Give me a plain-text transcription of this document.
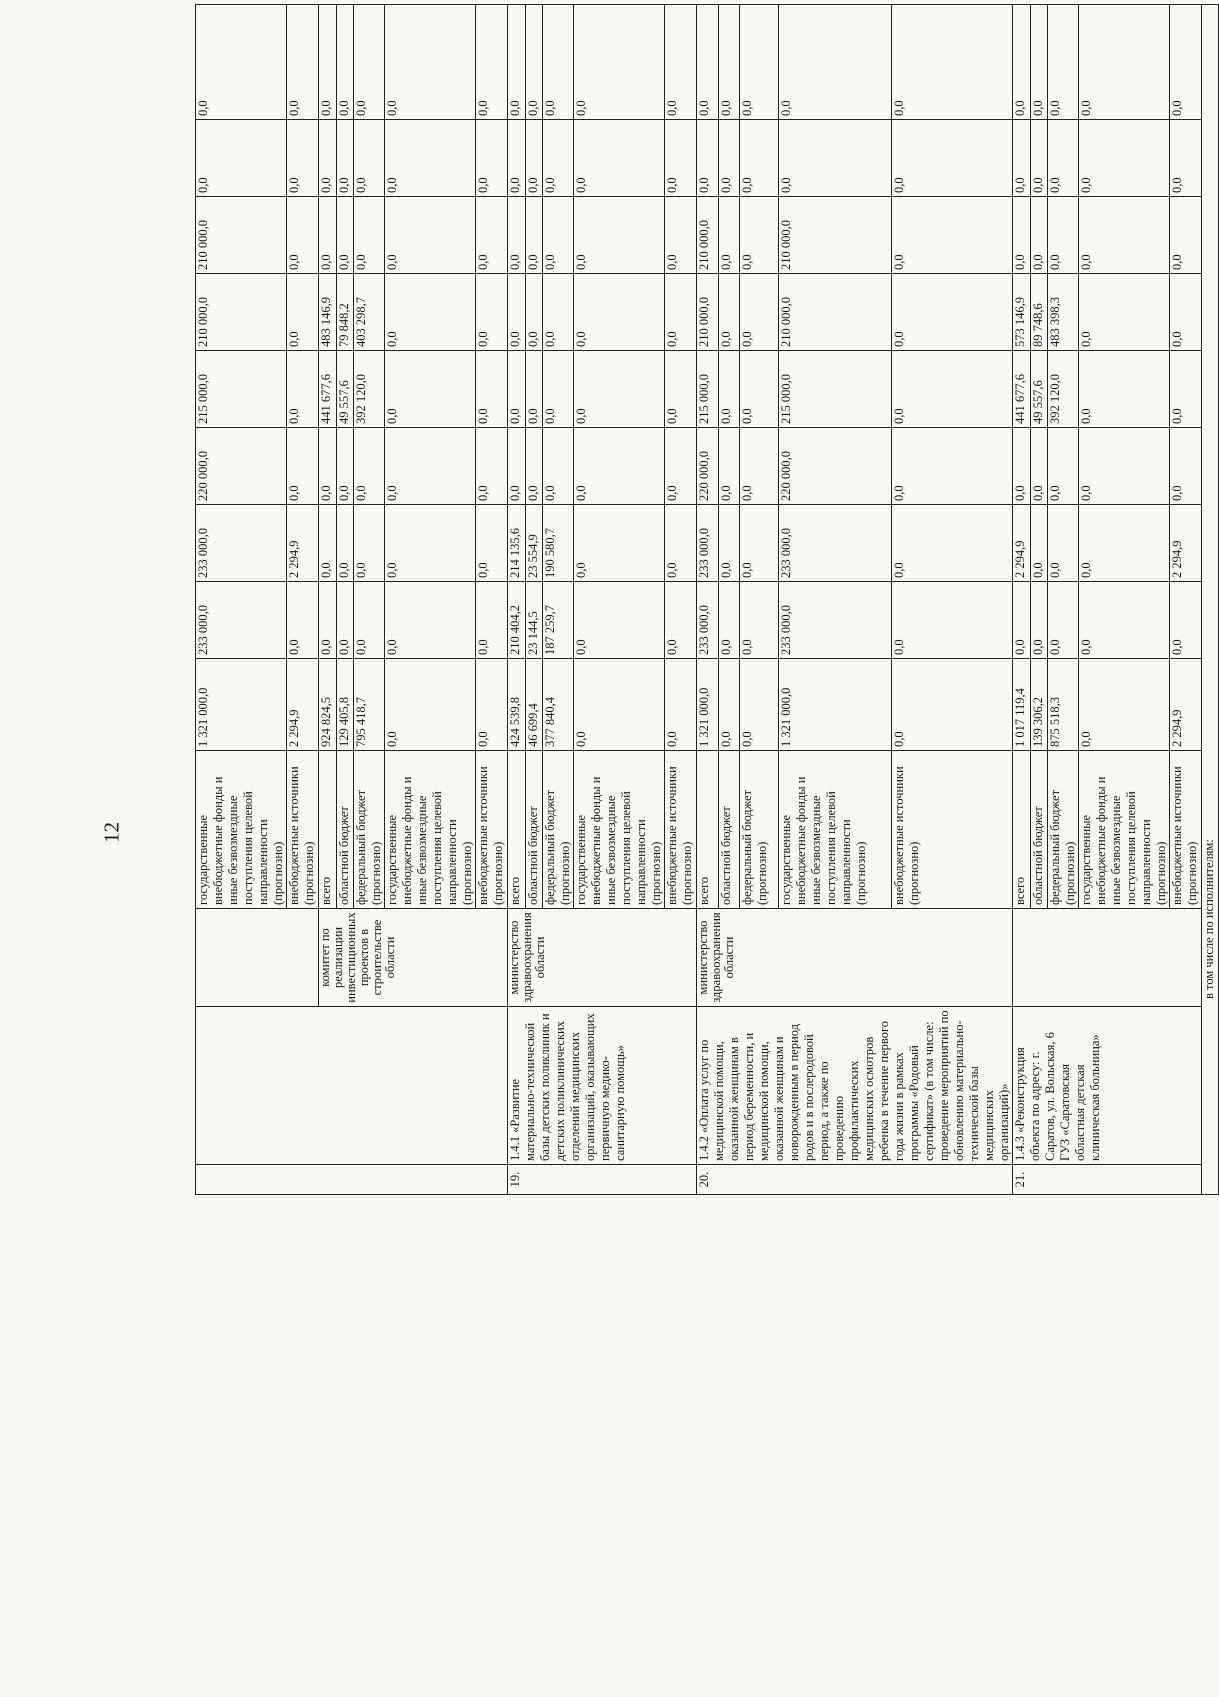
12
				государственные внебюджетные фонды и иные безвозмездные поступления целевой направленности (прогнозно)	1 321 000,0	233 000,0	233 000,0	220 000,0	215 000,0	210 000,0	210 000,0	0,0	0,0
			внебюджетные источники (прогнозно)	2 294,9	0,0	2 294,9	0,0	0,0	0,0	0,0	0,0	0,0
		комитет по реализации инвестиционных проектов в строительстве области	всего	924 824,5	0,0	0,0	0,0	441 677,6	483 146,9	0,0	0,0	0,0
			областной бюджет	129 405,8	0,0	0,0	0,0	49 557,6	79 848,2	0,0	0,0	0,0
			федеральный бюджет (прогнозно)	795 418,7	0,0	0,0	0,0	392 120,0	403 298,7	0,0	0,0	0,0
			государственные внебюджетные фонды и иные безвозмездные поступления целевой направленности (прогнозно)	0,0	0,0	0,0	0,0	0,0	0,0	0,0	0,0	0,0
			внебюджетные источники (прогнозно)	0,0	0,0	0,0	0,0	0,0	0,0	0,0	0,0	0,0
19.	1.4.1 «Развитие материально-технической базы детских поликлиник и детских поликлинических отделений медицинских организаций, оказывающих первичную медико-санитарную помощь»	министерство здравоохранения области	всего	424 539,8	210 404,2	214 135,6	0,0	0,0	0,0	0,0	0,0	0,0
			областной бюджет	46 699,4	23 144,5	23 554,9	0,0	0,0	0,0	0,0	0,0	0,0
			федеральный бюджет (прогнозно)	377 840,4	187 259,7	190 580,7	0,0	0,0	0,0	0,0	0,0	0,0
			государственные внебюджетные фонды и иные безвозмездные поступления целевой направленности (прогнозно)	0,0	0,0	0,0	0,0	0,0	0,0	0,0	0,0	0,0
			внебюджетные источники (прогнозно)	0,0	0,0	0,0	0,0	0,0	0,0	0,0	0,0	0,0
20.	1.4.2 «Оплата услуг по медицинской помощи, оказанной женщинам в период беременности, и медицинской помощи, оказанной женщинам и новорожденным в период родов и в послеродовой период, а также по проведению профилактических медицинских осмотров ребенка в течение первого года жизни в рамках программы «Родовый сертификат» (в том числе: проведение мероприятий по обновлению материально-технической базы медицинских организаций)»	министерство здравоохранения области	всего	1 321 000,0	233 000,0	233 000,0	220 000,0	215 000,0	210 000,0	210 000,0	0,0	0,0
			областной бюджет	0,0	0,0	0,0	0,0	0,0	0,0	0,0	0,0	0,0
			федеральный бюджет (прогнозно)	0,0	0,0	0,0	0,0	0,0	0,0	0,0	0,0	0,0
			государственные внебюджетные фонды и иные безвозмездные поступления целевой направленности (прогнозно)	1 321 000,0	233 000,0	233 000,0	220 000,0	215 000,0	210 000,0	210 000,0	0,0	0,0
			внебюджетные источники (прогнозно)	0,0	0,0	0,0	0,0	0,0	0,0	0,0	0,0	0,0
21.	1.4.3 «Реконструкция объекта по адресу: г. Саратов, ул. Вольская, 6 ГУЗ «Саратовская областная детская клиническая больница»		всего	1 017 119,4	0,0	2 294,9	0,0	441 677,6	573 146,9	0,0	0,0	0,0
			областной бюджет	139 306,2	0,0	0,0	0,0	49 557,6	89 748,6	0,0	0,0	0,0
			федеральный бюджет (прогнозно)	875 518,3	0,0	0,0	0,0	392 120,0	483 398,3	0,0	0,0	0,0
			государственные внебюджетные фонды и иные безвозмездные поступления целевой направленности (прогнозно)	0,0	0,0	0,0	0,0	0,0	0,0	0,0	0,0	0,0
			внебюджетные источники (прогнозно)	2 294,9	0,0	2 294,9	0,0	0,0	0,0	0,0	0,0	0,0
в том числе по исполнителям:												
